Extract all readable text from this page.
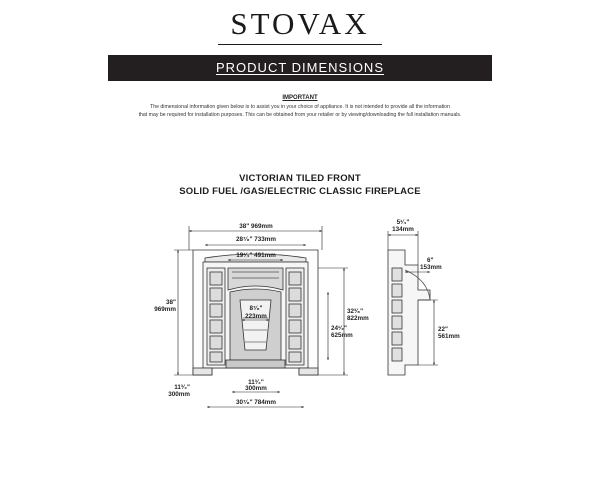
STOVAX
PRODUCT DIMENSIONS
IMPORTANT
The dimensional information given below is to assist you in your choice of appliance. It is not intended to provide all the information
that may be required for installation purposes. This can be obtained from your retailer or by viewing/downloading the full installation manuals.
VICTORIAN TILED FRONT
SOLID FUEL /GAS/ELECTRIC CLASSIC FIREPLACE
38" 969mm
28⁷⁄₈" 733mm
19¹⁄₄" 491mm
38"
969mm	8⁷⁄₈"
223mm
24¹⁄₂"
625mm
32³⁄₈"
822mm
11³⁄₄"
300mm
30⁷⁄₈" 784mm
11³⁄₄"
300mm
5¹⁄₄"
134mm
6"
153mm
22"
561mm
